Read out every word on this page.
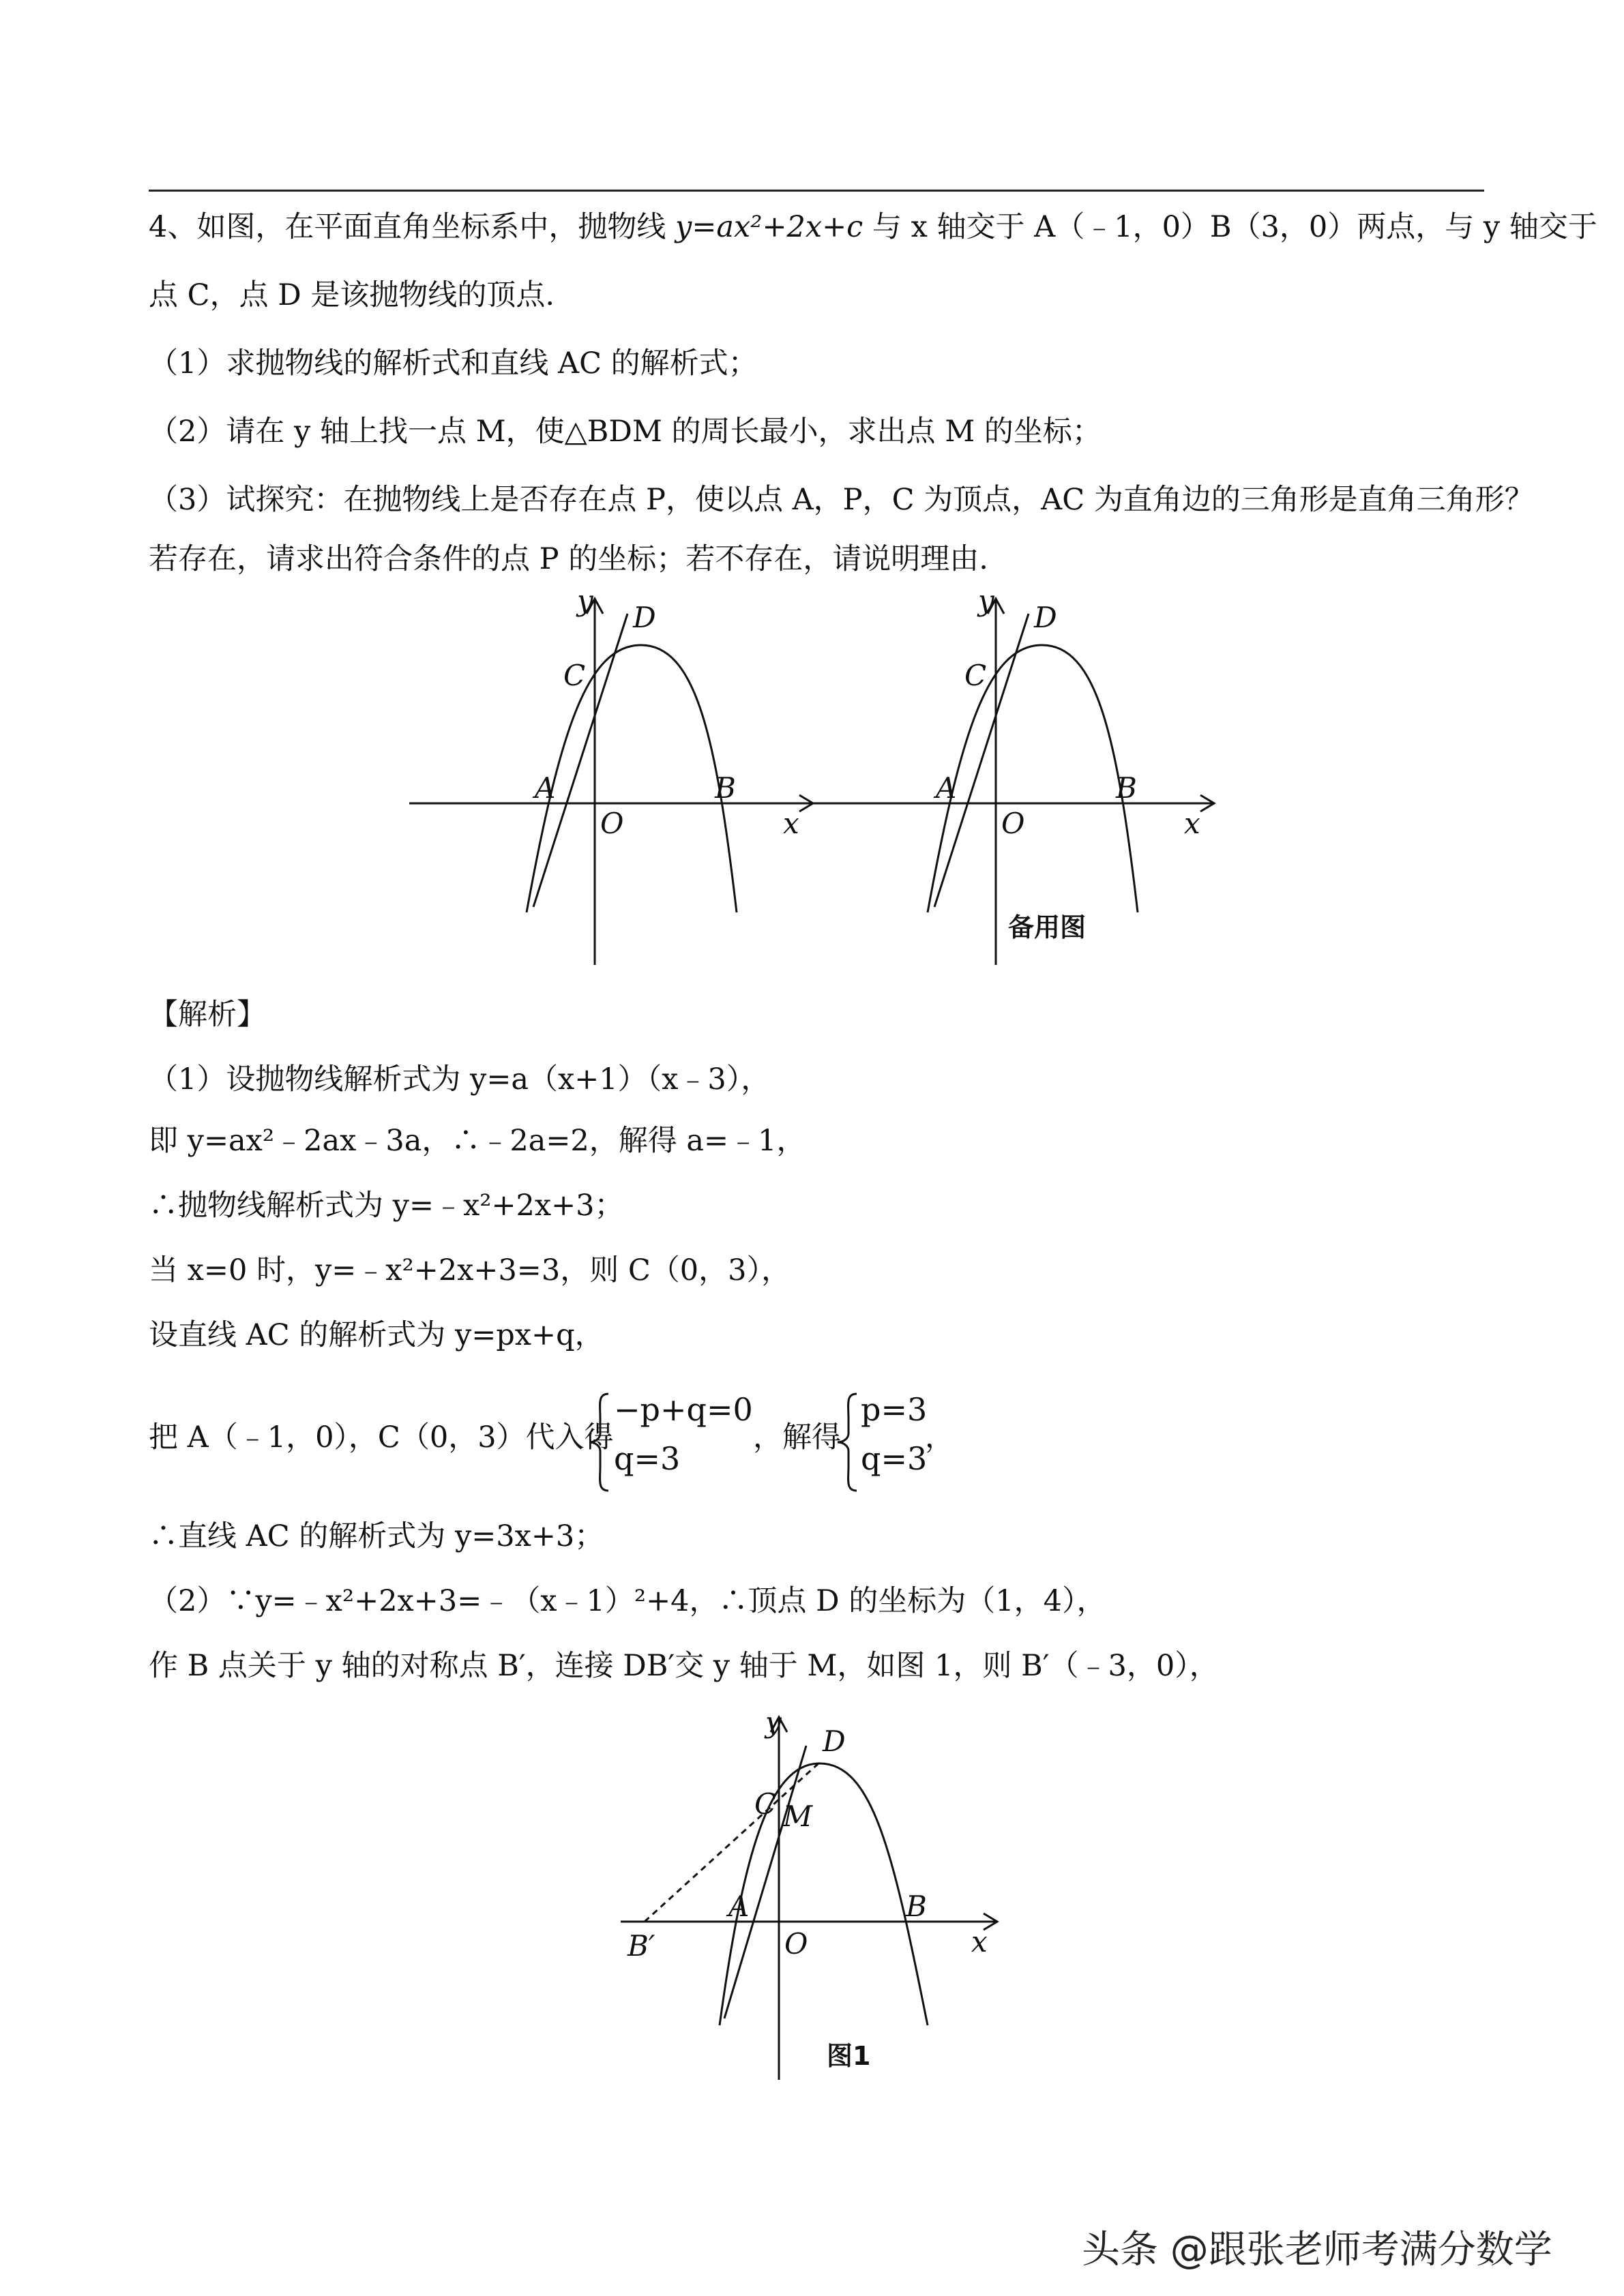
4、如图，在平面直角坐标系中，抛物线 y=ax²+2x+c 与 x 轴交于 A（﹣1，0）B（3，0）两点，与 y 轴交于
点 C，点 D 是该抛物线的顶点.
（1）求抛物线的解析式和直线 AC 的解析式；
（2）请在 y 轴上找一点 M，使△BDM 的周长最小，求出点 M 的坐标；
（3）试探究：在抛物线上是否存在点 P，使以点 A，P，C 为顶点，AC 为直角边的三角形是直角三角形？
若存在，请求出符合条件的点 P 的坐标；若不存在，请说明理由.
y
x
O
A	B
C
D
y
x
O
A	B
C
D
备用图
【解析】
（1）设抛物线解析式为 y=a（x+1）（x﹣3），
即 y=ax²﹣2ax﹣3a，∴﹣2a=2，解得 a=﹣1，
∴抛物线解析式为 y=﹣x²+2x+3；
当 x=0 时，y=﹣x²+2x+3=3，则 C（0，3），
设直线 AC 的解析式为 y=px+q，
把 A（﹣1，0），C（0，3）代入得
−p+q=0
q=3
，解得
p=3
q=3
，
∴直线 AC 的解析式为 y=3x+3；
（2）∵y=﹣x²+2x+3=﹣（x﹣1）²+4，∴顶点 D 的坐标为（1，4），
作 B 点关于 y 轴的对称点 B′，连接 DB′交 y 轴于 M，如图 1，则 B′（﹣3，0），
y
x
O
A	B
C M
D
B′
图1
头条 @跟张老师考满分数学
